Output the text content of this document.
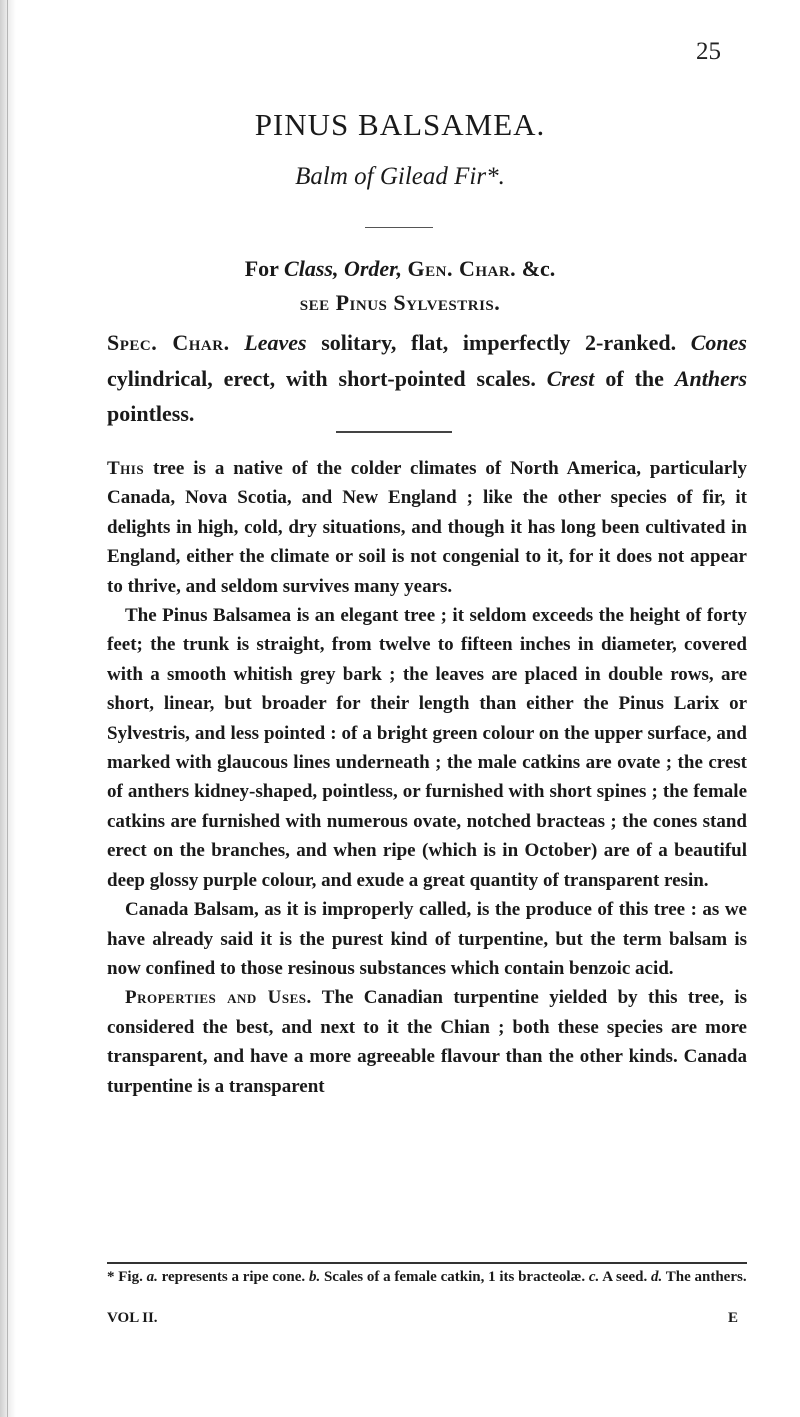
25
PINUS BALSAMEA.
Balm of Gilead Fir*.
For Class, Order, Gen. Char. &c.
see Pinus Sylvestris.
Spec. Char. Leaves solitary, flat, imperfectly 2-ranked. Cones cylindrical, erect, with short-pointed scales. Crest of the Anthers pointless.

This tree is a native of the colder climates of North America, particularly Canada, Nova Scotia, and New England ; like the other species of fir, it delights in high, cold, dry situations, and though it has long been cultivated in England, either the climate or soil is not congenial to it, for it does not appear to thrive, and seldom survives many years.

The Pinus Balsamea is an elegant tree ; it seldom exceeds the height of forty feet; the trunk is straight, from twelve to fifteen inches in diameter, covered with a smooth whitish grey bark ; the leaves are placed in double rows, are short, linear, but broader for their length than either the Pinus Larix or Sylvestris, and less pointed : of a bright green colour on the upper surface, and marked with glaucous lines underneath ; the male catkins are ovate ; the crest of anthers kidney-shaped, pointless, or furnished with short spines ; the female catkins are furnished with numerous ovate, notched bracteas ; the cones stand erect on the branches, and when ripe (which is in October) are of a beautiful deep glossy purple colour, and exude a great quantity of transparent resin.

Canada Balsam, as it is improperly called, is the produce of this tree : as we have already said it is the purest kind of turpentine, but the term balsam is now confined to those resinous substances which contain benzoic acid.

Properties and Uses. The Canadian turpentine yielded by this tree, is considered the best, and next to it the Chian ; both these species are more transparent, and have a more agreeable flavour than the other kinds. Canada turpentine is a transparent

* Fig. a. represents a ripe cone. b. Scales of a female catkin, 1 its bracteolæ. c. A seed. d. The anthers.
VOL II.	E
